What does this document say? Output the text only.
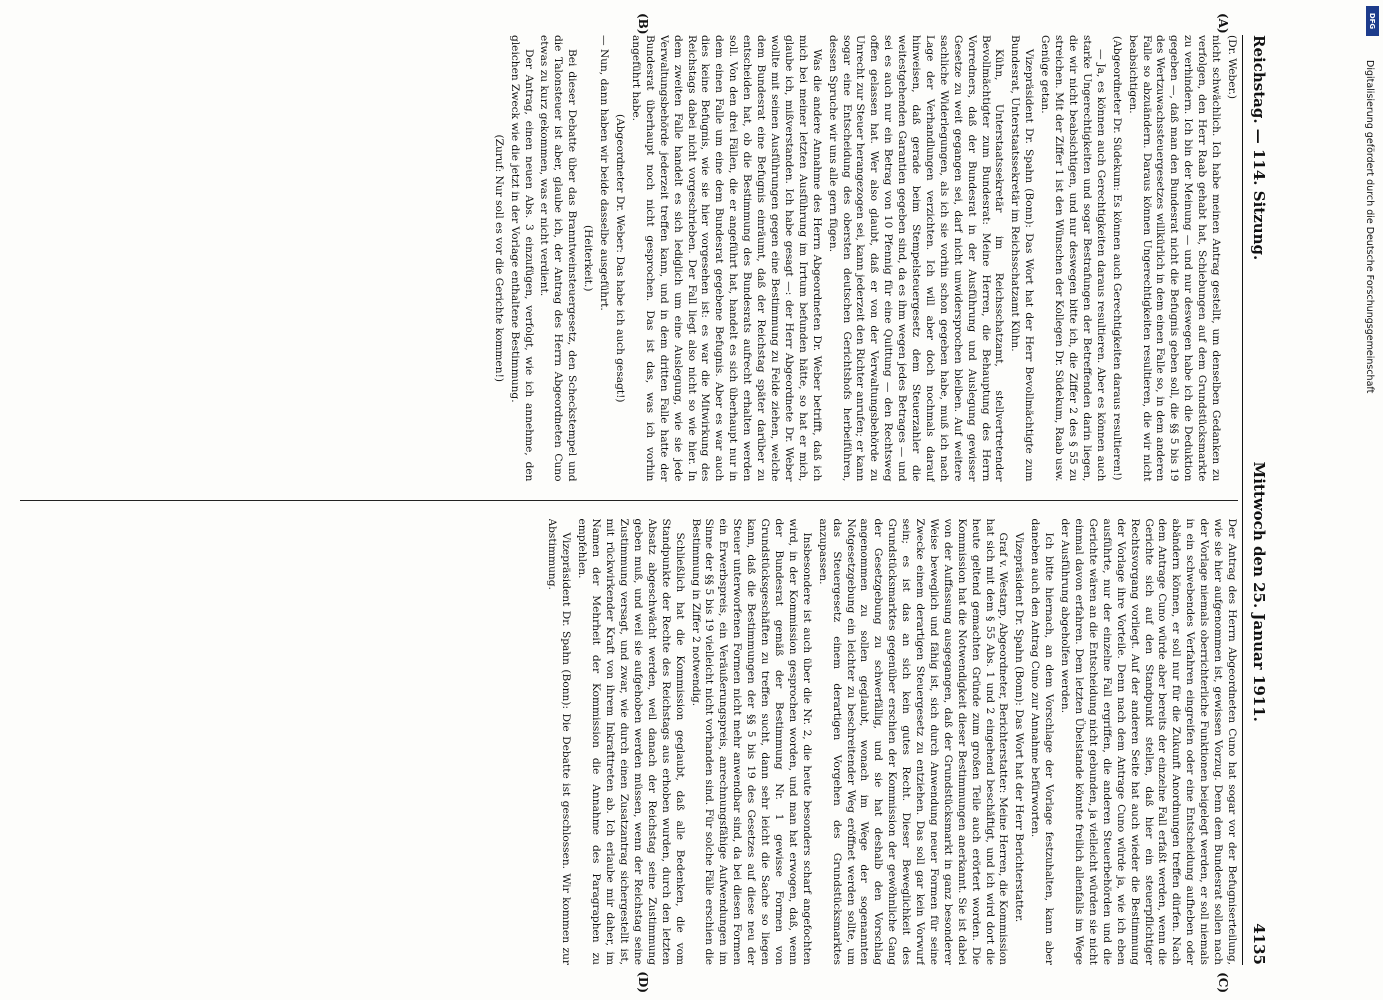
Reichstag. — 114. Sitzung.
Mittwoch den 25. Januar 1911.
4135

(Dr. Weber.)

nicht schwächlich. Ich habe meinen Antrag gestellt, um denselben Gedanken zu verfolgen, den Herr Raab gehabt hat, Schiebungen auf dem Grundstücksmarkte zu verhindern. Ich bin der Meinung — und nur deswegen habe ich die Deduktion gegeben —, daß man den Bundesrat nicht die Befugnis geben soll, die §§ 5 bis 19 des Wertzuwachssteuergesetzes willkürlich in dem einen Falle so, in dem anderen Falle so abzuändern. Daraus können Ungerechtigkeiten resultieren, die wir nicht beabsichtigen.

(Abgeordneter Dr. Südekum: Es können auch Gerechtigkeiten daraus resultieren!)

— Ja, es können auch Gerechtigkeiten daraus resultieren. Aber es können auch starke Ungerechtigkeiten und sogar Bestrafungen der Betreffenden darin liegen, die wir nicht beabsichtigen, und nur deswegen bitte ich, die Ziffer 2 des § 55 zu streichen. Mit der Ziffer 1 ist den Wünschen der Kollegen Dr. Südekum, Raab usw. Genüge getan.

Vizepräsident Dr. Spahn (Bonn): Das Wort hat der Herr Bevollmächtigte zum Bundesrat, Unterstaatssekretär im Reichsschatzamt Kühn.

Kühn, Unterstaatssekretär im Reichsschatzamt, stellvertretender Bevollmächtigter zum Bundesrat: Meine Herren, die Behauptung des Herrn Vorredners, daß der Bundesrat in der Ausführung und Auslegung gewisser Gesetze zu weit gegangen sei, darf nicht unwidersprochen bleiben. Auf weitere sachliche Widerlegungen, als ich sie vorhin schon gegeben habe, muß ich nach Lage der Verhandlungen verzichten. Ich will aber doch nochmals darauf hinweisen, daß gerade beim Stempelsteuergesetz dem Steuerzahler die weitestgehenden Garantien gegeben sind, da es ihm wegen jedes Betrages — und sei es auch nur ein Betrag von 10 Pfennig für eine Quittung — den Rechtsweg offen gelassen hat. Wer also glaubt, daß er von der Verwaltungsbehörde zu Unrecht zur Steuer herangezogen sei, kann jederzeit den Richter anrufen; er kann sogar eine Entscheidung des obersten deutschen Gerichtshofs herbeiführen, dessen Spruche wir uns alle gern fügen.

Was die andere Annahme des Herrn Abgeordneten Dr. Weber betrifft, daß ich mich bei meiner letzten Ausführung im Irrtum befunden hätte, so hat er mich, glaube ich, mißverstanden. Ich habe gesagt —: der Herr Abgeordnete Dr. Weber wollte mit seinen Ausführungen gegen eine Bestimmung zu Felde ziehen, welche dem Bundesrat eine Befugnis einräumt, daß der Reichstag später darüber zu entscheiden hat, ob die Bestimmung des Bundesrats aufrecht erhalten werden soll. Von den drei Fällen, die er angeführt hat, handelt es sich überhaupt nur in dem einen Falle um eine dem Bundesrat gegebene Befugnis. Aber es war auch dies keine Befugnis, wie sie hier vorgesehen ist: es war die Mitwirkung des Reichstags dabei nicht vorgeschrieben. Der Fall liegt also nicht so wie hier. In dem zweiten Falle handelt es sich lediglich um eine Auslegung, wie sie jede Verwaltungsbehörde jederzeit treffen kann, und in dem dritten Falle hatte der Bundesrat überhaupt noch nicht gesprochen. Das ist das, was ich vorhin angeführt habe.

(Abgeordneter Dr. Weber: Das habe ich auch gesagt!)

— Nun, dann haben wir beide dasselbe ausgeführt.

(Heiterkeit.)

Bei dieser Debatte über das Branntweinsteuergesetz, den Scheckstempel und die Talonsteuer ist aber, glaube ich, der Antrag des Herrn Abgeordneten Cuno etwas zu kurz gekommen, was er nicht verdient.

Der Antrag, einen neuen Abs. 3 einzufügen, verfolgt, wie ich annehme, den gleichen Zweck wie die jetzt in der Vorlage enthaltene Bestimmung.

(Zuruf: Nur soll es vor die Gerichte kommen!)

Der Antrag des Herrn Abgeordneten Cuno hat sogar vor der Befugniserteilung, wie sie hier aufgenommen ist, gewissen Vorzug. Denn dem Bundesrat sollen nach der Vorlage niemals oberrichterliche Funktionen beigelegt werden, er soll niemals in ein schwebendes Verfahren eingreifen oder eine Entscheidung aufheben oder abändern können, er soll nur für die Zukunft Anordnungen treffen dürfen. Nach dem Antrage Cuno würde aber bereits der einzelne Fall erfaßt werden, wenn die Gerichte sich auf den Standpunkt stellen, daß hier ein steuerpflichtiger Rechtsvorgang vorliegt. Auf der anderen Seite hat auch wieder die Bestimmung der Vorlage ihre Vorteile. Denn nach dem Antrage Cuno würde ja, wie ich eben ausführte, nur der einzelne Fall ergriffen, die anderen Steuerbehörden und die Gerichte wären an die Entscheidung nicht gebunden, ja vielleicht würden sie nicht einmal davon erfahren. Dem letzten Übelstande könnte freilich allenfalls im Wege der Ausführung abgeholfen werden.

Ich bitte hiernach, an dem Vorschlage der Vorlage festzuhalten, kann aber daneben auch den Antrag Cuno zur Annahme befürworten.

Vizepräsident Dr. Spahn (Bonn): Das Wort hat der Herr Berichterstatter.

Graf v. Westarp, Abgeordneter, Berichterstatter: Meine Herren, die Kommission hat sich mit dem § 55 Abs. 1 und 2 eingehend beschäftigt, und ich wird dort die heute geltend gemachten Gründe zum großen Teile auch erörtert worden. Die Kommission hat die Notwendigkeit dieser Bestimmungen anerkannt. Sie ist dabei von der Auffassung ausgegangen, daß der Grundstücksmarkt in ganz besonderer Weise beweglich und fähig ist, sich durch Anwendung neuer Formen für seine Zwecke einem derartigen Steuergesetz zu entziehen. Das soll gar kein Vorwurf sein; es ist das an sich kein gutes Recht. Dieser Beweglichkeit des Grundstücksmarktes gegenüber erschien der Kommission der gewöhnliche Gang der Gesetzgebung zu schwerfällig, und sie hat deshalb den Vorschlag angenommen zu sollen geglaubt, wonach im Wege der sogenannten Notgesetzgebung ein leichter zu beschreitender Weg eröffnet werden sollte, um das Steuergesetz einem derartigen Vorgehen des Grundstücksmarktes anzupassen.

Insbesondere ist auch über die Nr. 2, die heute besonders scharf angefochten wird, in der Kommission gesprochen worden, und man hat erwogen, daß, wenn der Bundesrat gemäß der Bestimmung Nr. 1 gewisse Formen von Grundstücksgeschäften zu treffen sucht, dann sehr leicht die Sache so liegen kann, daß die Bestimmungen der §§ 5 bis 19 des Gesetzes auf diese neu der Steuer unterworfenen Formen nicht mehr anwendbar sind, da bei diesen Formen ein Erwerbspreis, ein Veräußerungspreis, anrechnungsfähige Aufwendungen im Sinne der §§ 5 bis 19 vielleicht nicht vorhanden sind. Für solche Fälle erschien die Bestimmung in Ziffer 2 notwendig.

Schließlich hat die Kommission geglaubt, daß alle Bedenken, die vom Standpunkte der Rechte des Reichstags aus erhoben wurden, durch den letzten Absatz abgeschwächt werden, weil danach der Reichstag seine Zustimmung geben muß, und weil sie aufgehoben werden müssen, wenn der Reichstag seine Zustimmung versagt, und zwar, wie durch einen Zusatzantrag sichergestellt ist, mit rückwirkender Kraft von ihrem Inkrafttreten ab. Ich erlaube mir daher, im Namen der Mehrheit der Kommission die Annahme des Paragraphen zu empfehlen.

Vizepräsident Dr. Spahn (Bonn): Die Debatte ist geschlossen. Wir kommen zur Abstimmung.

(A)
(B)
(C)
(D)
DFG
Digitalisierung gefördert durch die Deutsche Forschungsgemeinschaft
